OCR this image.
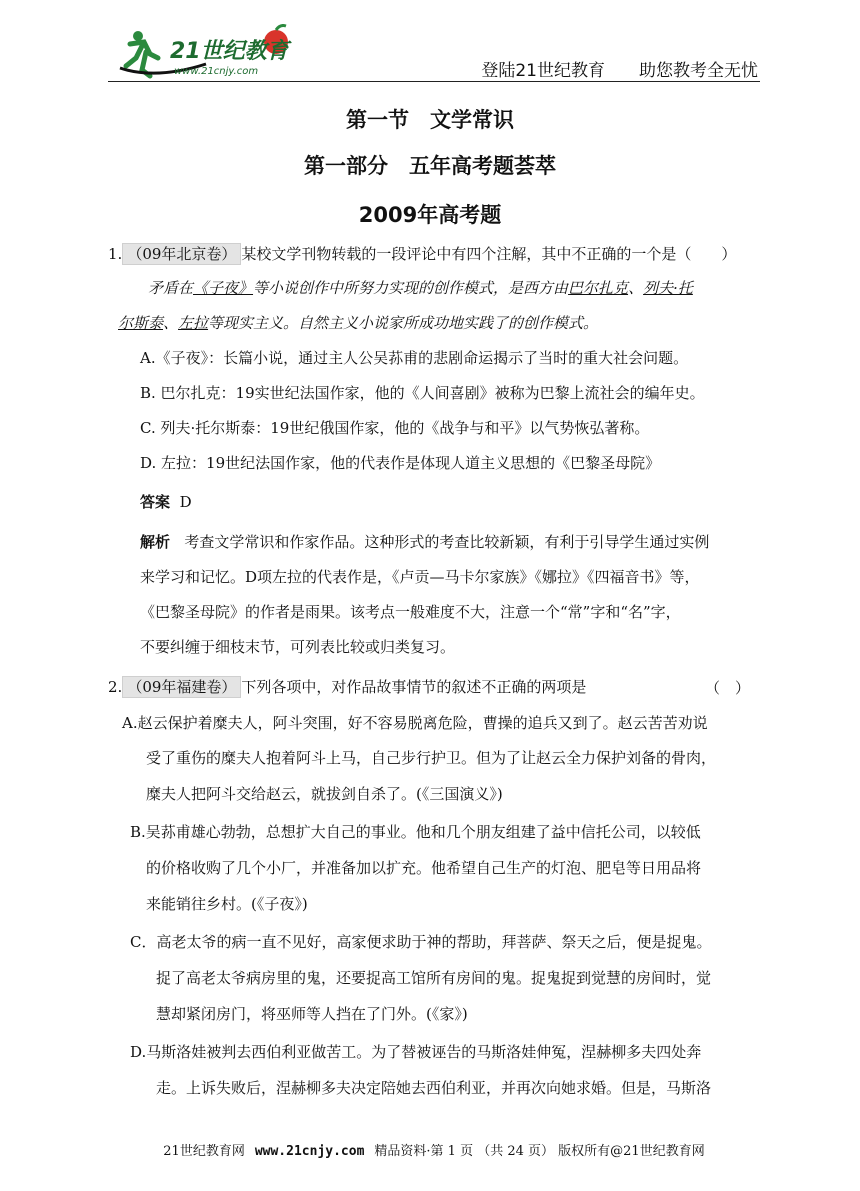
21世纪教育
www.21cnjy.com	登陆21世纪教育 助您教考全无忧
第一节　文学常识
第一部分　五年高考题荟萃
2009年高考题
1. （09年北京卷） 某校文学刊物转载的一段评论中有四个注解，其中不正确的一个是（　　）
矛盾在《子夜》等小说创作中所努力实现的创作模式，是西方由巴尔扎克、列夫·托
尔斯泰、左拉等现实主义。自然主义小说家所成功地实践了的创作模式。
A.《子夜》：长篇小说，通过主人公吴荪甫的悲剧命运揭示了当时的重大社会问题。
B. 巴尔扎克：19实世纪法国作家，他的《人间喜剧》被称为巴黎上流社会的编年史。
C. 列夫·托尔斯泰：19世纪俄国作家，他的《战争与和平》以气势恢弘著称。
D. 左拉：19世纪法国作家，他的代表作是体现人道主义思想的《巴黎圣母院》
答案 D
解析 考查文学常识和作家作品。这种形式的考查比较新颖，有利于引导学生通过实例
来学习和记忆。D项左拉的代表作是，《卢贡—马卡尔家族》《娜拉》《四福音书》等，
《巴黎圣母院》的作者是雨果。该考点一般难度不大，注意一个“常”字和“名”字，
不要纠缠于细枝末节，可列表比较或归类复习。
2. （09年福建卷） 下列各项中，对作品故事情节的叙述不正确的两项是	（　）
A.赵云保护着糜夫人，阿斗突围，好不容易脱离危险，曹操的追兵又到了。赵云苦苦劝说
受了重伤的糜夫人抱着阿斗上马，自己步行护卫。但为了让赵云全力保护刘备的骨肉，
糜夫人把阿斗交给赵云，就拔剑自杀了。(《三国演义》)
B.吴荪甫雄心勃勃，总想扩大自己的事业。他和几个朋友组建了益中信托公司，以较低
的价格收购了几个小厂，并准备加以扩充。他希望自己生产的灯泡、肥皂等日用品将
来能销往乡村。(《子夜》)
C．高老太爷的病一直不见好，高家便求助于神的帮助，拜菩萨、祭天之后，便是捉鬼。
捉了高老太爷病房里的鬼，还要捉高工馆所有房间的鬼。捉鬼捉到觉慧的房间时，觉
慧却紧闭房门，将巫师等人挡在了门外。(《家》)
D.马斯洛娃被判去西伯利亚做苦工。为了替被诬告的马斯洛娃伸冤，涅赫柳多夫四处奔
走。上诉失败后，涅赫柳多夫决定陪她去西伯利亚，并再次向她求婚。但是，马斯洛
21世纪教育网 www.21cnjy.com 精品资料·第 1 页 （共 24 页） 版权所有@21世纪教育网
